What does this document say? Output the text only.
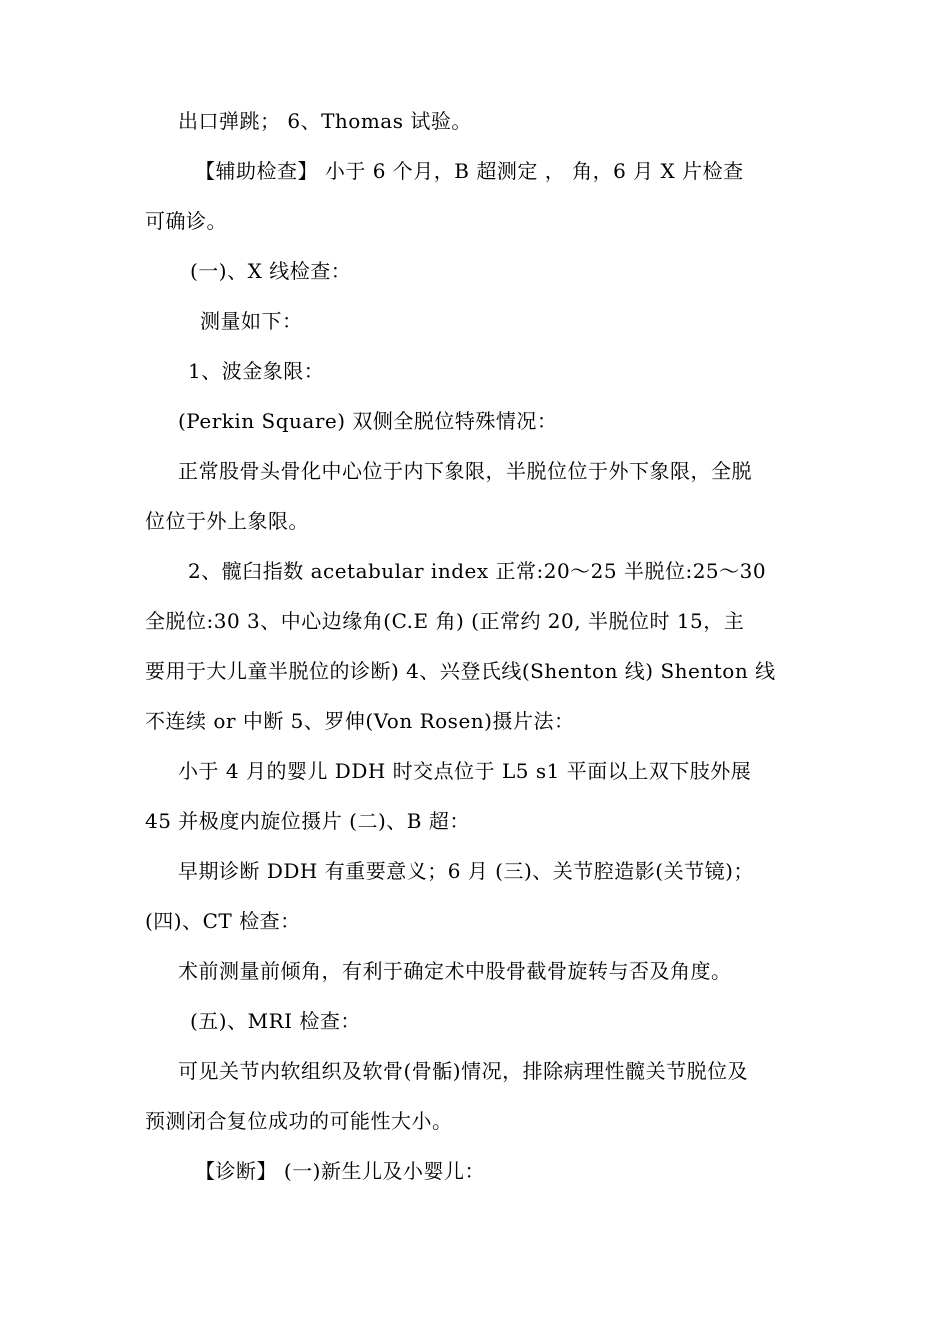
出口弹跳； 6、Thomas 试验。
【辅助检查】 小于 6 个月，B 超测定 ， 角，6 月 X 片检查
可确诊。
(一)、X 线检查：
测量如下：
1、波金象限：
(Perkin Square) 双侧全脱位特殊情况：
正常股骨头骨化中心位于内下象限，半脱位位于外下象限，全脱
位位于外上象限。
2、髋臼指数 acetabular index 正常:20～25 半脱位:25～30
全脱位:30 3、中心边缘角(C.E 角) (正常约 20, 半脱位时 15，主
要用于大儿童半脱位的诊断) 4、兴登氏线(Shenton 线) Shenton 线
不连续 or 中断 5、罗伸(Von Rosen)摄片法：
小于 4 月的婴儿 DDH 时交点位于 L5 s1 平面以上双下肢外展
45 并极度内旋位摄片 (二)、B 超：
早期诊断 DDH 有重要意义；6 月 (三)、关节腔造影(关节镜)；
(四)、CT 检查：
术前测量前倾角，有利于确定术中股骨截骨旋转与否及角度。
(五)、MRI 检查：
可见关节内软组织及软骨(骨骺)情况，排除病理性髋关节脱位及
预测闭合复位成功的可能性大小。
【诊断】 (一)新生儿及小婴儿：
